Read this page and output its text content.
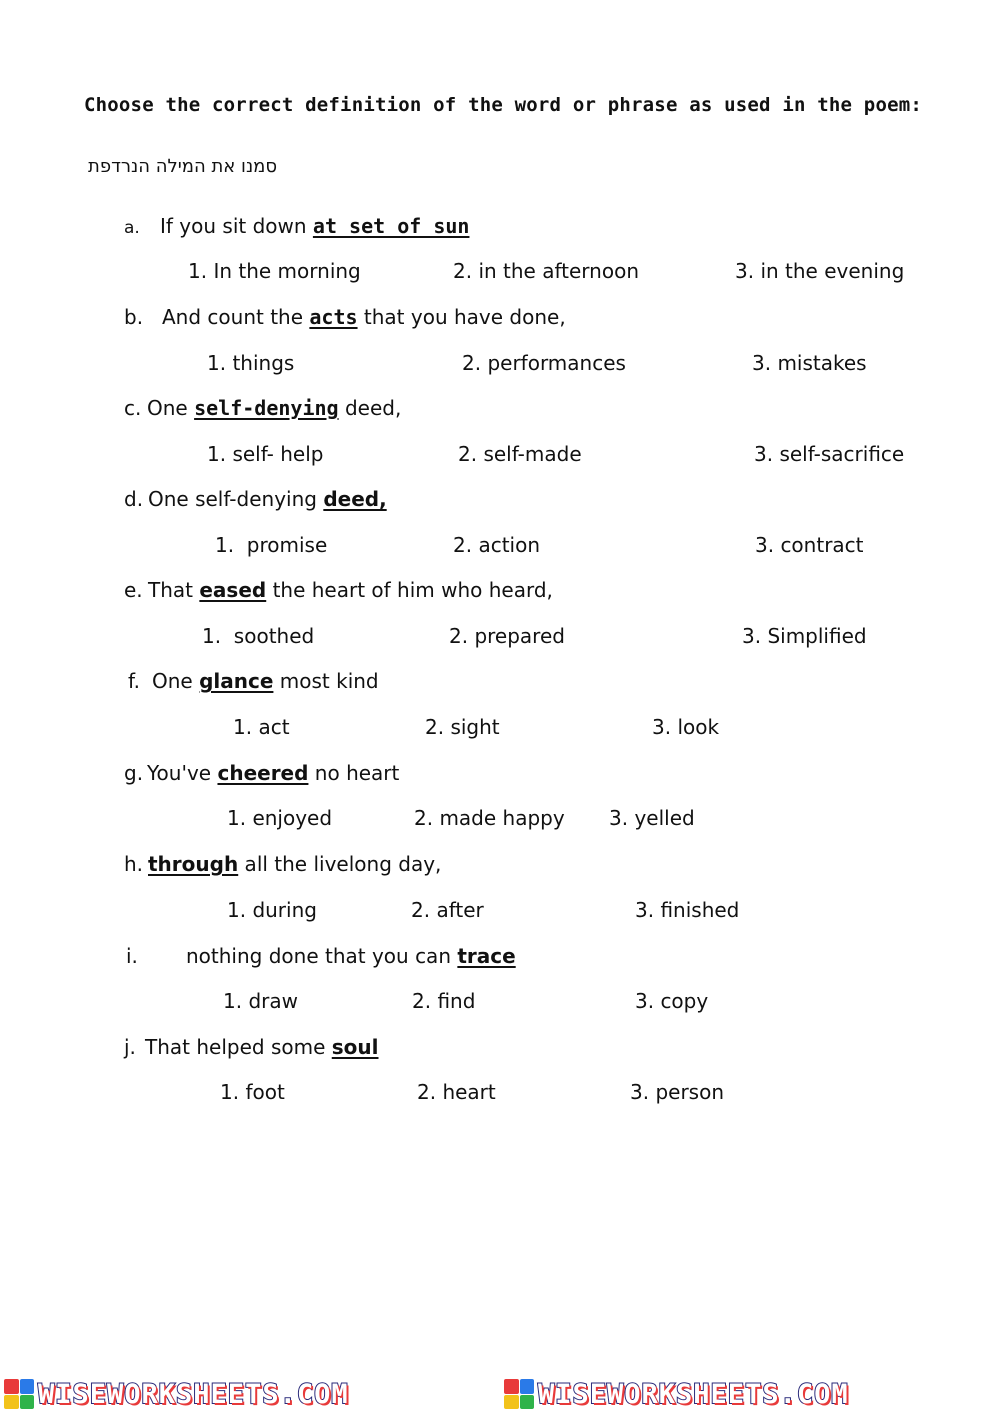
Choose the correct definition of the word or phrase as used in the poem:
סמנו את המילה הנרדפת
a. If you sit down at set of sun
1. In the morning	2. in the afternoon	3. in the evening
b. And count the acts that you have done,
1. things	2. performances	3. mistakes
c. One self-denying deed,
1. self- help	2. self-made	3. self-sacrifice
d. One self-denying deed,
1.  promise	2. action	3. contract
e. That eased the heart of him who heard,
1.  soothed	2. prepared	3. Simplified
f. One glance most kind
1. act	2. sight	3. look
g. You've cheered no heart
1. enjoyed	2. made happy 3. yelled
h. through all the livelong day,
1. during	2. after	3. finished
i. nothing done that you can trace
1. draw	2. find	3. copy
j. That helped some soul
1. foot	2. heart	3. person
WISEWORKSHEETS.COM	WISEWORKSHEETS.COM
